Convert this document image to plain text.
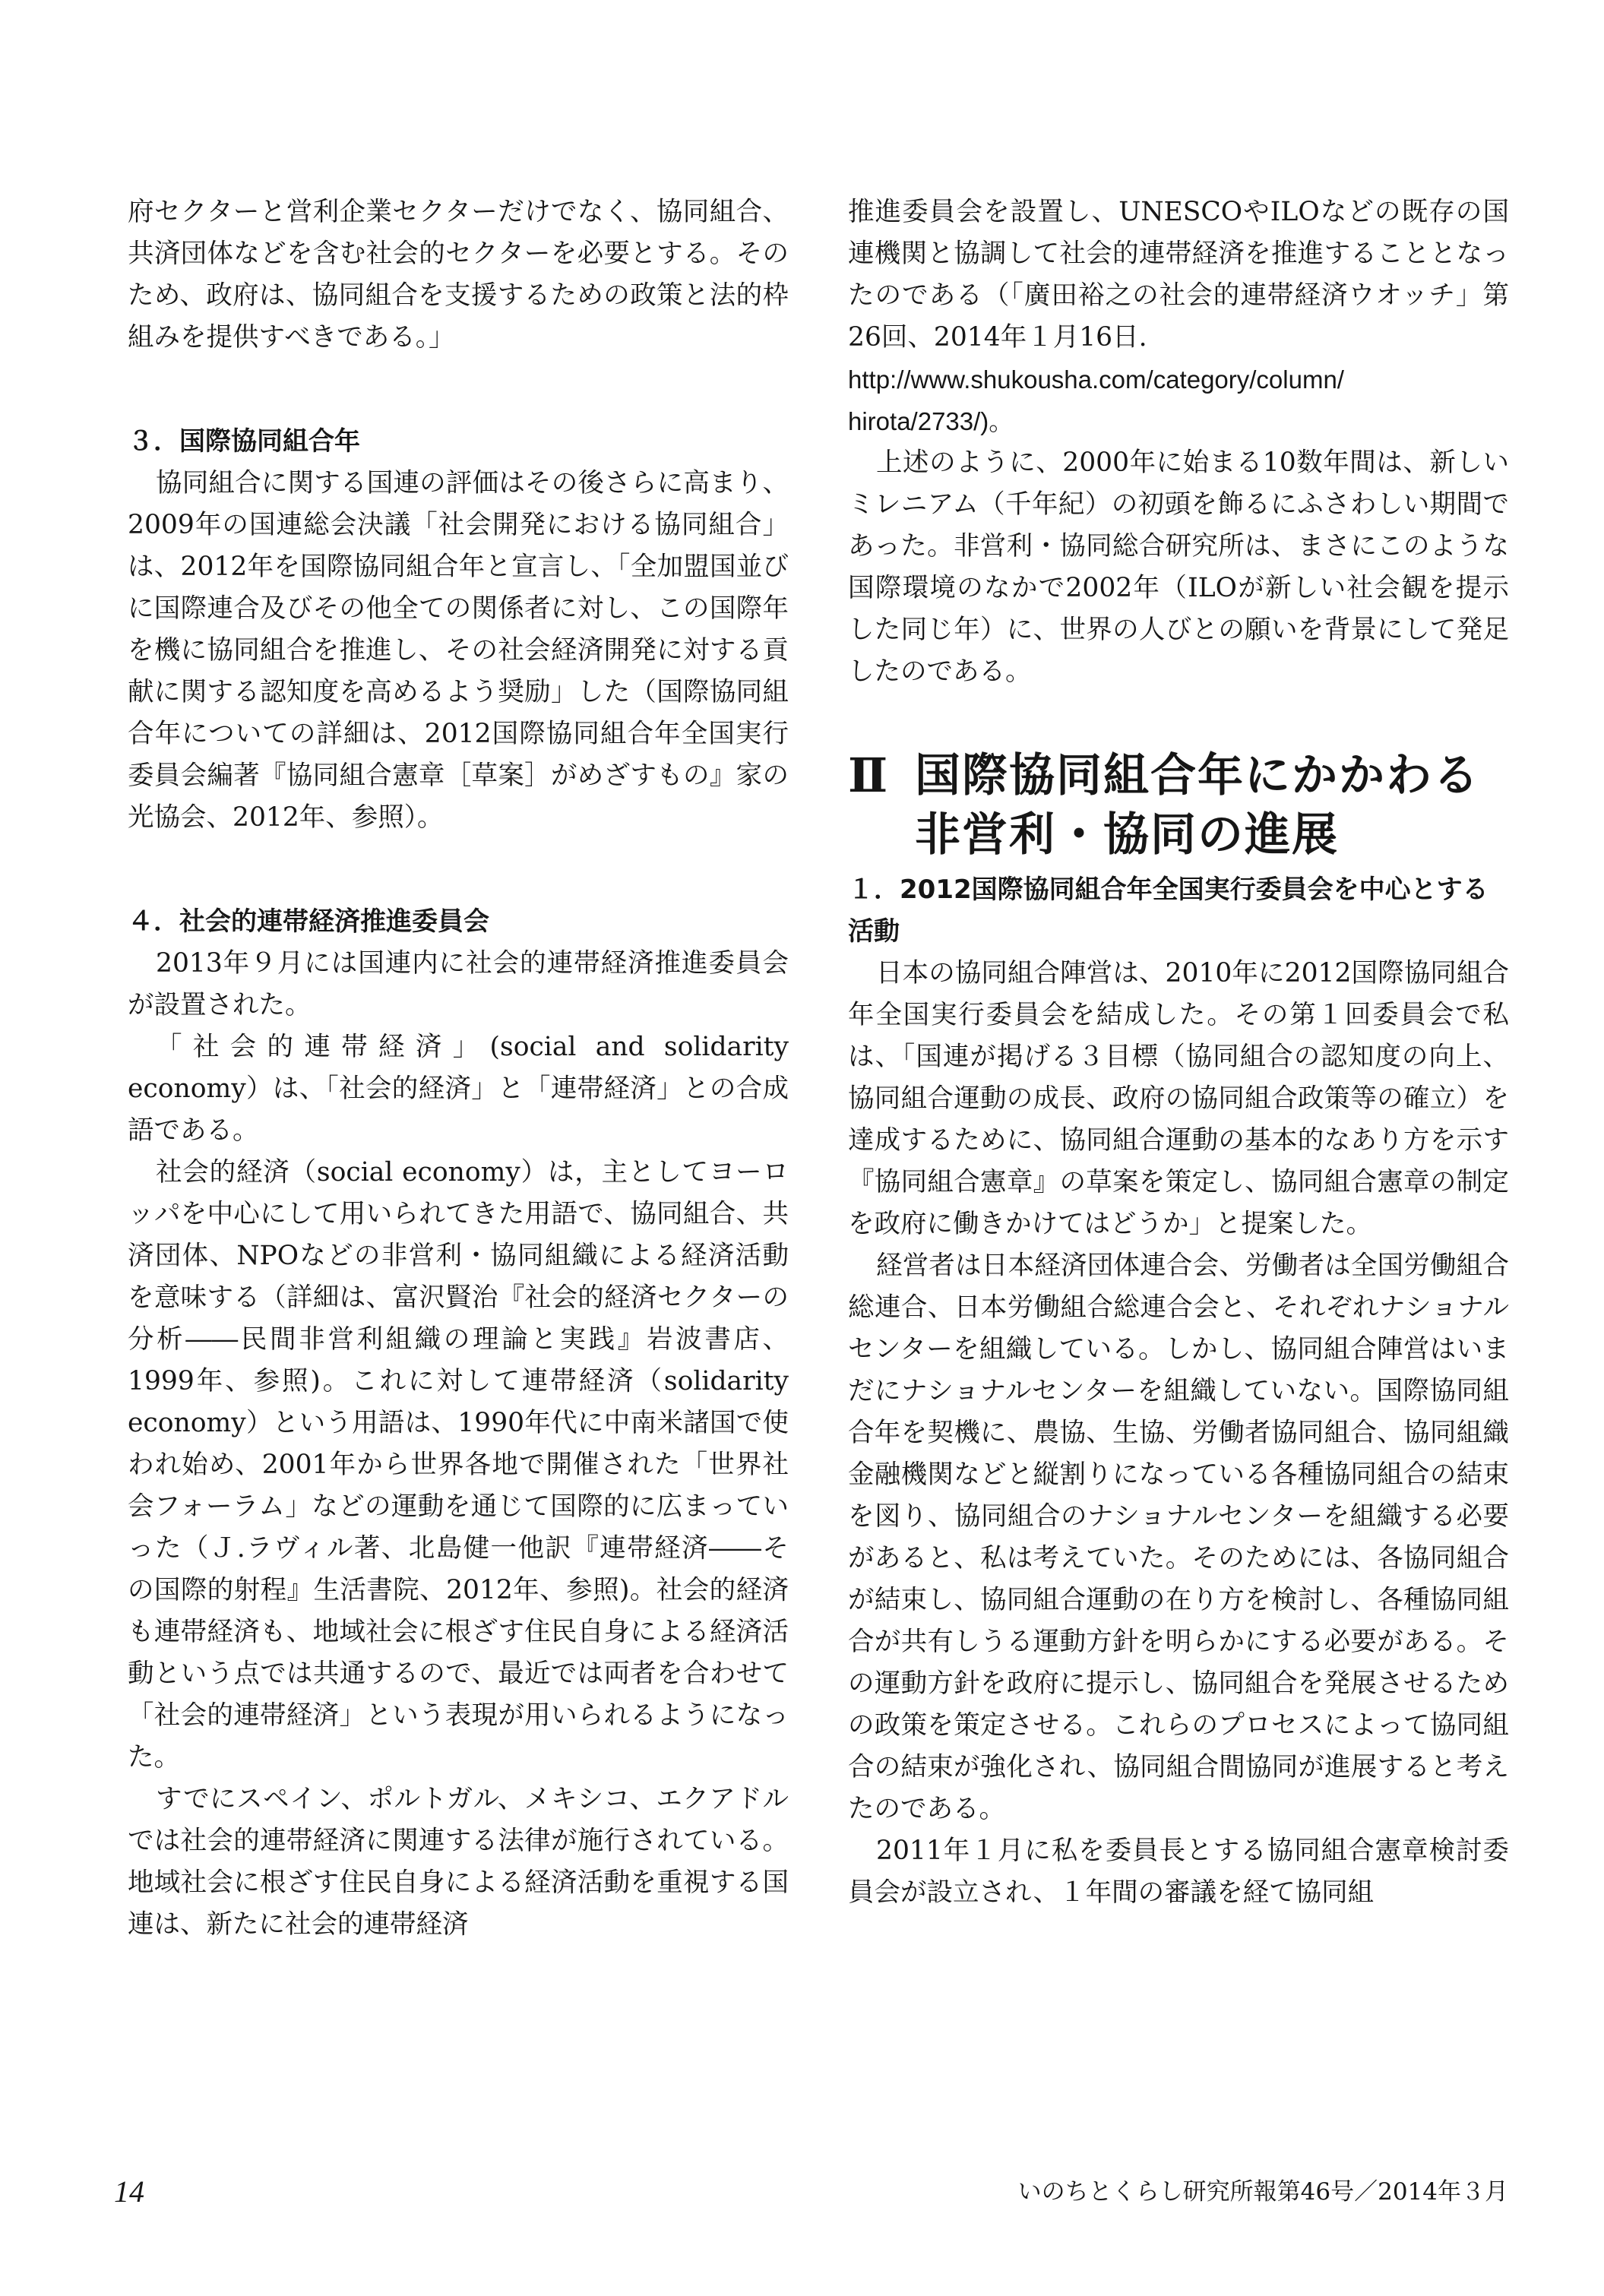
府セクターと営利企業セクターだけでなく、協同組合、共済団体などを含む社会的セクターを必要とする。そのため、政府は、協同組合を支援するための政策と法的枠組みを提供すべきである。」

３．国際協同組合年

協同組合に関する国連の評価はその後さらに高まり、2009年の国連総会決議「社会開発における協同組合」は、2012年を国際協同組合年と宣言し、「全加盟国並びに国際連合及びその他全ての関係者に対し、この国際年を機に協同組合を推進し、その社会経済開発に対する貢献に関する認知度を高めるよう奨励」した（国際協同組合年についての詳細は、2012国際協同組合年全国実行委員会編著『協同組合憲章［草案］がめざすもの』家の光協会、2012年、参照）。

４．社会的連帯経済推進委員会

2013年９月には国連内に社会的連帯経済推進委員会が設置された。

「社会的連帯経済」(social and solidarity economy）は、「社会的経済」と「連帯経済」との合成語である。

社会的経済（social economy）は，主としてヨーロッパを中心にして用いられてきた用語で、協同組合、共済団体、NPOなどの非営利・協同組織による経済活動を意味する（詳細は、富沢賢治『社会的経済セクターの分析――民間非営利組織の理論と実践』岩波書店、1999年、参照)。これに対して連帯経済（solidarity economy）という用語は、1990年代に中南米諸国で使われ始め、2001年から世界各地で開催された「世界社会フォーラム」などの運動を通じて国際的に広まっていった（Ｊ.ラヴィル著、北島健一他訳『連帯経済――その国際的射程』生活書院、2012年、参照)。社会的経済も連帯経済も、地域社会に根ざす住民自身による経済活動という点では共通するので、最近では両者を合わせて「社会的連帯経済」という表現が用いられるようになった。

すでにスペイン、ポルトガル、メキシコ、エクアドルでは社会的連帯経済に関連する法律が施行されている。地域社会に根ざす住民自身による経済活動を重視する国連は、新たに社会的連帯経済

推進委員会を設置し、UNESCOやILOなどの既存の国連機関と協調して社会的連帯経済を推進することとなったのである（「廣田裕之の社会的連帯経済ウオッチ」第26回、2014年１月16日.

http://www.shukousha.com/category/column/

hirota/2733/)。

上述のように、2000年に始まる10数年間は、新しいミレニアム（千年紀）の初頭を飾るにふさわしい期間であった。非営利・協同総合研究所は、まさにこのような国際環境のなかで2002年（ILOが新しい社会観を提示した同じ年）に、世界の人びとの願いを背景にして発足したのである。

Ⅱ 国際協同組合年にかかわる
非営利・協同の進展
１．2012国際協同組合年全国実行委員会を中心とする活動

日本の協同組合陣営は、2010年に2012国際協同組合年全国実行委員会を結成した。その第１回委員会で私は、「国連が掲げる３目標（協同組合の認知度の向上、協同組合運動の成長、政府の協同組合政策等の確立）を達成するために、協同組合運動の基本的なあり方を示す『協同組合憲章』の草案を策定し、協同組合憲章の制定を政府に働きかけてはどうか」と提案した。

経営者は日本経済団体連合会、労働者は全国労働組合総連合、日本労働組合総連合会と、それぞれナショナルセンターを組織している。しかし、協同組合陣営はいまだにナショナルセンターを組織していない。国際協同組合年を契機に、農協、生協、労働者協同組合、協同組織金融機関などと縦割りになっている各種協同組合の結束を図り、協同組合のナショナルセンターを組織する必要があると、私は考えていた。そのためには、各協同組合が結束し、協同組合運動の在り方を検討し、各種協同組合が共有しうる運動方針を明らかにする必要がある。その運動方針を政府に提示し、協同組合を発展させるための政策を策定させる。これらのプロセスによって協同組合の結束が強化され、協同組合間協同が進展すると考えたのである。

2011年１月に私を委員長とする協同組合憲章検討委員会が設立され、１年間の審議を経て協同組

14	いのちとくらし研究所報第46号／2014年３月
